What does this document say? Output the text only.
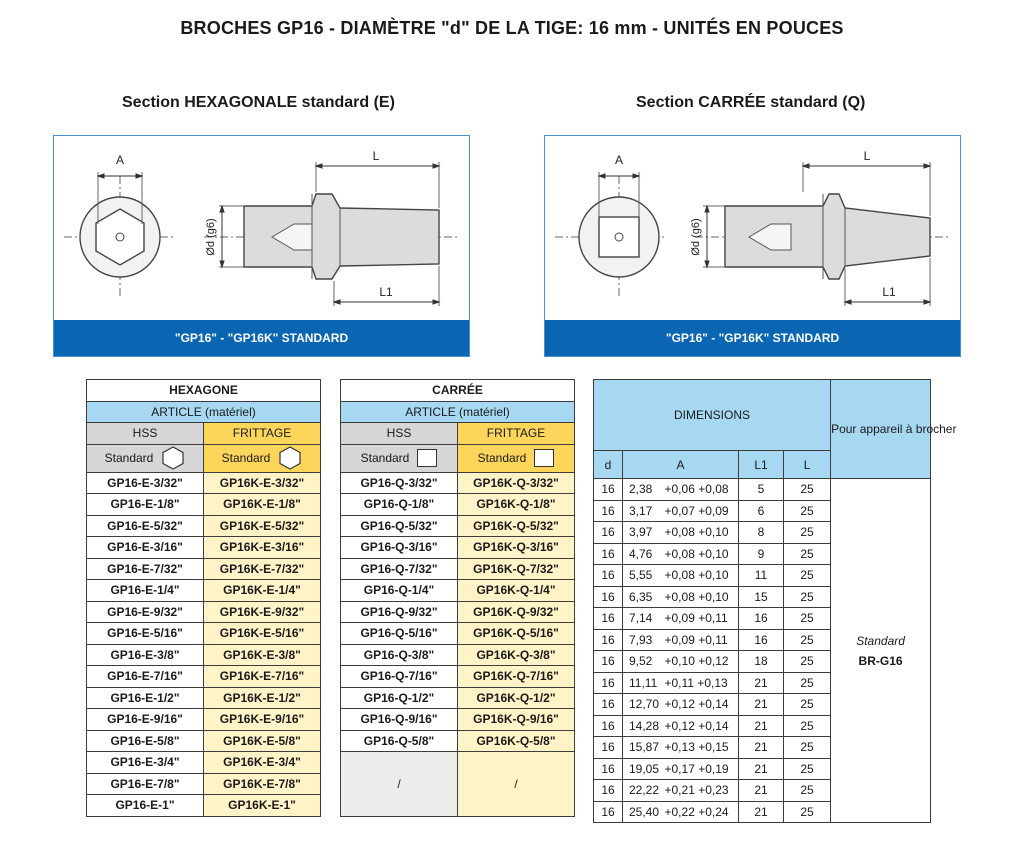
BROCHES GP16 - DIAMÈTRE "d" DE LA TIGE: 16 mm - UNITÉS EN POUCES
Section HEXAGONALE standard (E)	Section CARRÉE standard (Q)
A	L
L1
Ød (g6)
"GP16" - "GP16K" STANDARD
A	L
L1
Ød (g6)
"GP16" - "GP16K" STANDARD
HEXAGONE	
ARTICLE (matériel)	
HSS	FRITTAGE

Standard	Standard

GP16-E-3/32"	GP16K-E-3/32"
GP16-E-1/8"	GP16K-E-1/8"
GP16-E-5/32"	GP16K-E-5/32"
GP16-E-3/16"	GP16K-E-3/16"
GP16-E-7/32"	GP16K-E-7/32"
GP16-E-1/4"	GP16K-E-1/4"
GP16-E-9/32"	GP16K-E-9/32"
GP16-E-5/16"	GP16K-E-5/16"
GP16-E-3/8"	GP16K-E-3/8"
GP16-E-7/16"	GP16K-E-7/16"
GP16-E-1/2"	GP16K-E-1/2"
GP16-E-9/16"	GP16K-E-9/16"
GP16-E-5/8"	GP16K-E-5/8"
GP16-E-3/4"	GP16K-E-3/4"
GP16-E-7/8"	GP16K-E-7/8"
GP16-E-1"	GP16K-E-1"
CARRÉE	
ARTICLE (matériel)	
HSS	FRITTAGE

Standard	Standard

GP16-Q-3/32"	GP16K-Q-3/32"
GP16-Q-1/8"	GP16K-Q-1/8"
GP16-Q-5/32"	GP16K-Q-5/32"
GP16-Q-3/16"	GP16K-Q-3/16"
GP16-Q-7/32"	GP16K-Q-7/32"
GP16-Q-1/4"	GP16K-Q-1/4"
GP16-Q-9/32"	GP16K-Q-9/32"
GP16-Q-5/16"	GP16K-Q-5/16"
GP16-Q-3/8"	GP16K-Q-3/8"
GP16-Q-7/16"	GP16K-Q-7/16"
GP16-Q-1/2"	GP16K-Q-1/2"
GP16-Q-9/16"	GP16K-Q-9/16"
GP16-Q-5/8"	GP16K-Q-5/8"
/	/
DIMENSIONS					Pour appareil à brocher
d	A		L1	L	
16	2,38	+0,06 +0,08	5	25	Standard
BR-G16

16	3,17	+0,07 +0,09	6	25	
16	3,97	+0,08 +0,10	8	25	
16	4,76	+0,08 +0,10	9	25	
16	5,55	+0,08 +0,10	11	25	
16	6,35	+0,08 +0,10	15	25	
16	7,14	+0,09 +0,11	16	25	
16	7,93	+0,09 +0,11	16	25	
16	9,52	+0,10 +0,12	18	25	
16	11,11	+0,11 +0,13	21	25	
16	12,70	+0,12 +0,14	21	25	
16	14,28	+0,12 +0,14	21	25	
16	15,87	+0,13 +0,15	21	25	
16	19,05	+0,17 +0,19	21	25	
16	22,22	+0,21 +0,23	21	25	
16	25,40	+0,22 +0,24	21	25	
